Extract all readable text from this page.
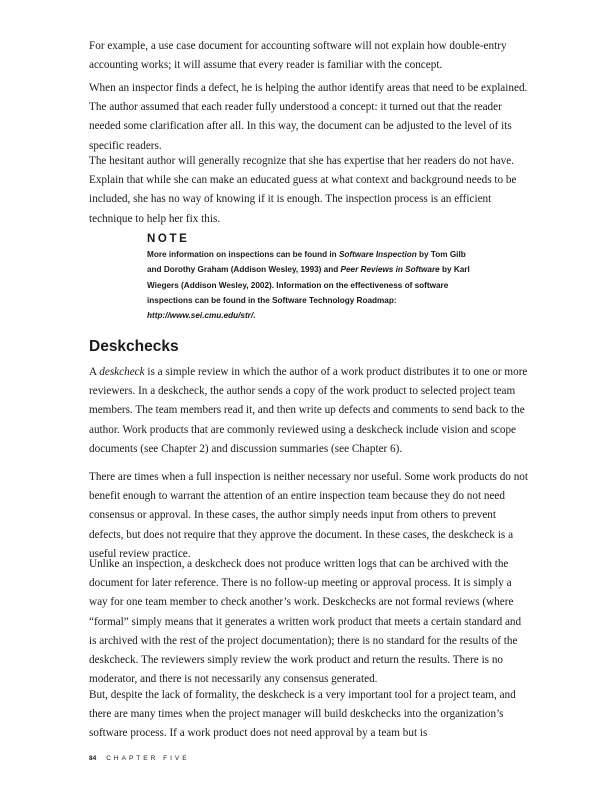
For example, a use case document for accounting software will not explain how double-entry accounting works; it will assume that every reader is familiar with the concept.

When an inspector finds a defect, he is helping the author identify areas that need to be explained. The author assumed that each reader fully understood a concept: it turned out that the reader needed some clarification after all. In this way, the document can be adjusted to the level of its specific readers.

The hesitant author will generally recognize that she has expertise that her readers do not have. Explain that while she can make an educated guess at what context and background needs to be included, she has no way of knowing if it is enough. The inspection process is an efficient technique to help her fix this.

NOTE

More information on inspections can be found in Software Inspection by Tom Gilb and Dorothy Graham (Addison Wesley, 1993) and Peer Reviews in Software by Karl Wiegers (Addison Wesley, 2002). Information on the effectiveness of software inspections can be found in the Software Technology Roadmap: http://www.sei.cmu.edu/str/.

Deskchecks

A deskcheck is a simple review in which the author of a work product distributes it to one or more reviewers. In a deskcheck, the author sends a copy of the work product to selected project team members. The team members read it, and then write up defects and comments to send back to the author. Work products that are commonly reviewed using a deskcheck include vision and scope documents (see Chapter 2) and discussion summaries (see Chapter 6).

There are times when a full inspection is neither necessary nor useful. Some work products do not benefit enough to warrant the attention of an entire inspection team because they do not need consensus or approval. In these cases, the author simply needs input from others to prevent defects, but does not require that they approve the document. In these cases, the deskcheck is a useful review practice.

Unlike an inspection, a deskcheck does not produce written logs that can be archived with the document for later reference. There is no follow-up meeting or approval process. It is simply a way for one team member to check another’s work. Deskchecks are not formal reviews (where “formal” simply means that it generates a written work product that meets a certain standard and is archived with the rest of the project documentation); there is no standard for the results of the deskcheck. The reviewers simply review the work product and return the results. There is no moderator, and there is not necessarily any consensus generated.

But, despite the lack of formality, the deskcheck is a very important tool for a project team, and there are many times when the project manager will build deskchecks into the organization’s software process. If a work product does not need approval by a team but is

84 CHAPTER FIVE
